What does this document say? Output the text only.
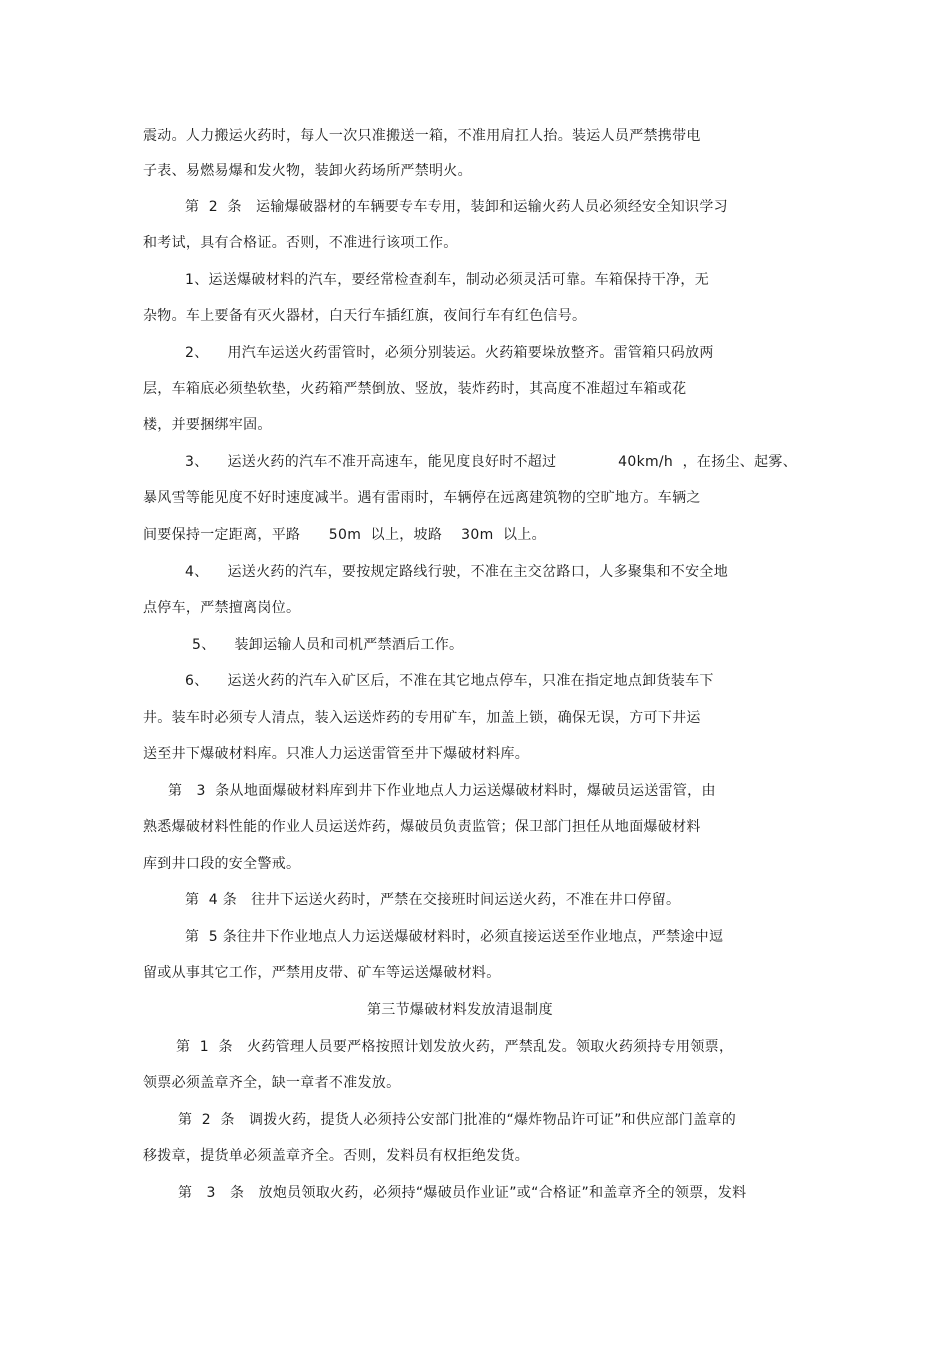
震动。人力搬运火药时，每人一次只准搬送一箱，不准用肩扛人抬。装运人员严禁携带电
子表、易燃易爆和发火物，装卸火药场所严禁明火。
第  2  条   运输爆破器材的车辆要专车专用，装卸和运输火药人员必须经安全知识学习
和考试，具有合格证。否则，不准进行该项工作。
1、运送爆破材料的汽车，要经常检查刹车，制动必须灵活可靠。车箱保持干净，无
杂物。车上要备有灭火器材，白天行车插红旗，夜间行车有红色信号。
2、    用汽车运送火药雷管时，必须分别装运。火药箱要垛放整齐。雷管箱只码放两
层，车箱底必须垫软垫，火药箱严禁倒放、竖放，装炸药时，其高度不准超过车箱或花
楼，并要捆绑牢固。
3、    运送火药的汽车不准开高速车，能见度良好时不超过             40km/h  ，在扬尘、起雾、
暴风雪等能见度不好时速度减半。遇有雷雨时，车辆停在远离建筑物的空旷地方。车辆之
间要保持一定距离，平路      50m  以上，坡路    30m  以上。
4、    运送火药的汽车，要按规定路线行驶，不准在主交岔路口，人多聚集和不安全地
点停车，严禁擅离岗位。
5、    装卸运输人员和司机严禁酒后工作。
6、    运送火药的汽车入矿区后，不准在其它地点停车，只准在指定地点卸货装车下
井。装车时必须专人清点，装入运送炸药的专用矿车，加盖上锁，确保无误，方可下井运
送至井下爆破材料库。只准人力运送雷管至井下爆破材料库。
第   3  条从地面爆破材料库到井下作业地点人力运送爆破材料时，爆破员运送雷管，由
熟悉爆破材料性能的作业人员运送炸药，爆破员负责监管；保卫部门担任从地面爆破材料
库到井口段的安全警戒。
第  4 条   往井下运送火药时，严禁在交接班时间运送火药，不准在井口停留。
第  5 条往井下作业地点人力运送爆破材料时，必须直接运送至作业地点，严禁途中逗
留或从事其它工作，严禁用皮带、矿车等运送爆破材料。
第三节爆破材料发放清退制度
第  1  条   火药管理人员要严格按照计划发放火药，严禁乱发。领取火药须持专用领票，
领票必须盖章齐全，缺一章者不准发放。
第  2  条   调拨火药，提货人必须持公安部门批准的“爆炸物品许可证”和供应部门盖章的
移拨章，提货单必须盖章齐全。否则，发料员有权拒绝发货。
第   3   条   放炮员领取火药，必须持“爆破员作业证”或“合格证”和盖章齐全的领票，发料
